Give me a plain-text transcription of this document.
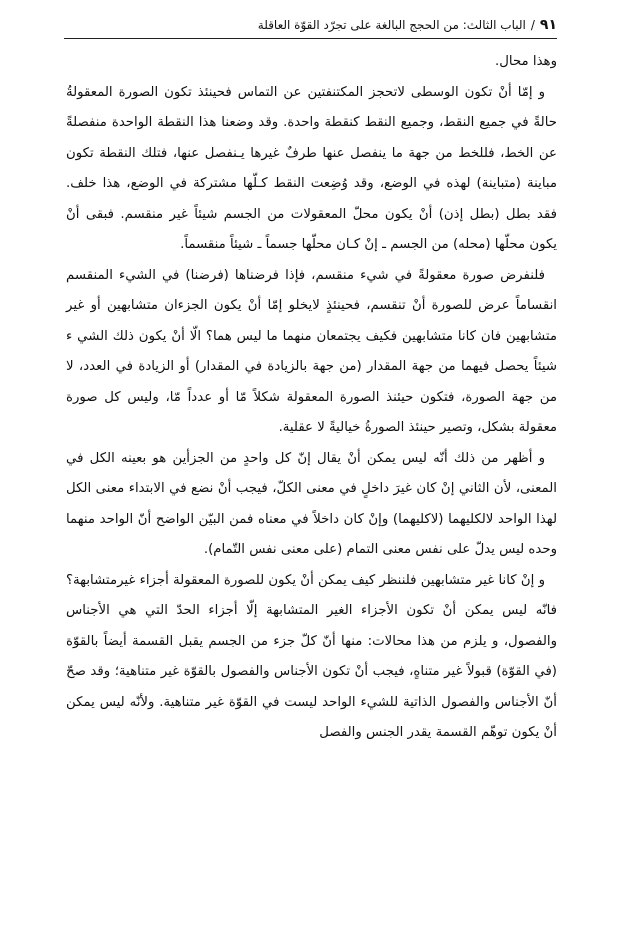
٩١
/
الباب الثالث: من الحجج البالغة على تجرّد القوّة العاقلة

وهذا محال.

و إمّا أنْ تكون الوسطى لاتحجز المكتنفتين عن التماس فحينئذ تكون الصورة المعقولةُ حالةً في جميع النقط، وجميع النقط كنقطة واحدة. وقد وضعنا هذا النقطة الواحدة منفصلةً عن الخط، فللخط من جهة ما ينفصل عنها طرفٌ غيرها يـنفصل عنها، فتلك النقطة تكون مباينة (متباينة) لهذه في الوضع، وقد وُضِعت النقط كـلّها مشتركة في الوضع، هذا خلف. فقد بطل (بطل إذن) أنْ يكون محلّ المعقولات من الجسم شيئاً غير منقسم. فبقى أنْ يكون محلّها (محله) من الجسم ـ إنْ كـان محلّها جسماً ـ شيئاً منقسماً.

فلنفرض صورة معقولةً في شيء منقسم، فإذا فرضناها (فرضنا) في الشيء المنقسم انقساماً عرض للصورة أنْ تنقسم، فحينئذٍ لايخلو إمّا أنْ يكون الجزءان متشابهين أو غير متشابهين فان كانا متشابهين فكيف يجتمعان منهما ما ليس هما؟ الّا أنْ يكون ذلك الشي ء شيئاً يحصل فيهما من جهة المقدار (من جهة بالزيادة في المقدار) أو الزيادة في العدد، لا من جهة الصورة، فتكون حيئنذ الصورة المعقولة شكلاً مّا أو عدداً مّا، وليس كل صورة معقولة بشكل، وتصير حينئذ الصورةُ خياليةً لا عقلية.

و أظهر من ذلك أنّه ليس يمكن أنْ يقال إنّ كل واحدٍ من الجزأين هو بعينه الكل في المعنى، لأن الثاني إنْ كان غيرَ داخلٍ في معنى الكلّ، فيجب أنْ نضع في الابتداء معنى الكل لهذا الواحد لالكليهما (لاكليهما) وإنْ كان داخلاً في معناه فمن البيّن الواضح أنّ الواحد منهما وحده ليس يدلّ على نفس معنى التمام (على معنى نفس التّمام).

و إنْ كانا غير متشابهين فلننظر كيف يمكن أنْ يكون للصورة المعقولة أجزاء غيرمتشابهة؟ فانّه ليس يمكن أنْ تكون الأجزاء الغير المتشابهة إلّا أجزاء الحدّ التي هي الأجناس والفصول، و يلزم من هذا محالات: منها أنّ كلّ جزء من الجسم يقبل القسمة أيضاً بالقوّة (في القوّة) قبولاً غير متناهٍ، فيجب أنْ تكون الأجناس والفصول بالقوّة غير متناهية؛ وقد صحّ أنّ الأجناس والفصول الذاتية للشيء الواحد ليست في القوّة غير متناهية. ولأنّه ليس يمكن أنْ يكون توهّم القسمة يقدر الجنس والفصل
